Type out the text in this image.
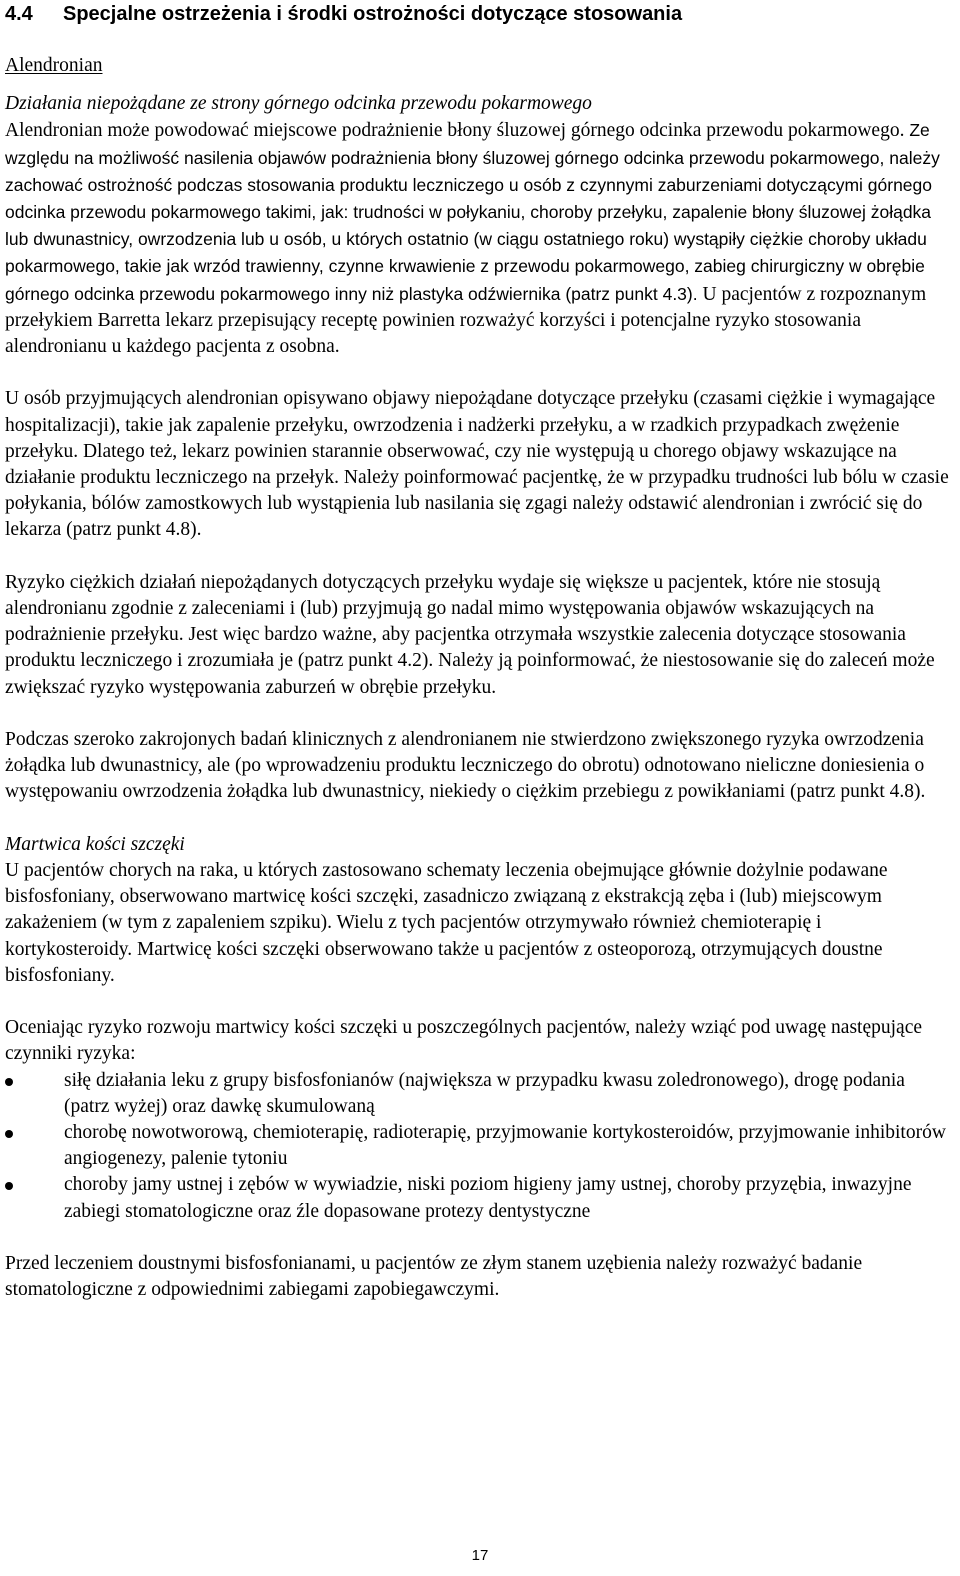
4.4 Specjalne ostrzeżenia i środki ostrożności dotyczące stosowania

Alendronian

Działania niepożądane ze strony górnego odcinka przewodu pokarmowego

Alendronian może powodować miejscowe podrażnienie błony śluzowej górnego odcinka przewodu pokarmowego. Ze względu na możliwość nasilenia objawów podrażnienia błony śluzowej górnego odcinka przewodu pokarmowego, należy zachować ostrożność podczas stosowania produktu leczniczego u osób z czynnymi zaburzeniami dotyczącymi górnego odcinka przewodu pokarmowego takimi, jak: trudności w połykaniu, choroby przełyku, zapalenie błony śluzowej żołądka lub dwunastnicy, owrzodzenia lub u osób, u których ostatnio (w ciągu ostatniego roku) wystąpiły ciężkie choroby układu pokarmowego, takie jak wrzód trawienny, czynne krwawienie z przewodu pokarmowego, zabieg chirurgiczny w obrębie górnego odcinka przewodu pokarmowego inny niż plastyka odźwiernika (patrz punkt 4.3). U pacjentów z rozpoznanym przełykiem Barretta lekarz przepisujący receptę powinien rozważyć korzyści i potencjalne ryzyko stosowania alendronianu u każdego pacjenta z osobna.

U osób przyjmujących alendronian opisywano objawy niepożądane dotyczące przełyku (czasami ciężkie i wymagające hospitalizacji), takie jak zapalenie przełyku, owrzodzenia i nadżerki przełyku, a w rzadkich przypadkach zwężenie przełyku. Dlatego też, lekarz powinien starannie obserwować, czy nie występują u chorego objawy wskazujące na działanie produktu leczniczego na przełyk. Należy poinformować pacjentkę, że w przypadku trudności lub bólu w czasie połykania, bólów zamostkowych lub wystąpienia lub nasilania się zgagi należy odstawić alendronian i zwrócić się do lekarza (patrz punkt 4.8).

Ryzyko ciężkich działań niepożądanych dotyczących przełyku wydaje się większe u pacjentek, które nie stosują alendronianu zgodnie z zaleceniami i (lub) przyjmują go nadal mimo występowania objawów wskazujących na podrażnienie przełyku. Jest więc bardzo ważne, aby pacjentka otrzymała wszystkie zalecenia dotyczące stosowania produktu leczniczego i zrozumiała je (patrz punkt 4.2). Należy ją poinformować, że niestosowanie się do zaleceń może zwiększać ryzyko występowania zaburzeń w obrębie przełyku.

Podczas szeroko zakrojonych badań klinicznych z alendronianem nie stwierdzono zwiększonego ryzyka owrzodzenia żołądka lub dwunastnicy, ale (po wprowadzeniu produktu leczniczego do obrotu) odnotowano nieliczne doniesienia o występowaniu owrzodzenia żołądka lub dwunastnicy, niekiedy o ciężkim przebiegu z powikłaniami (patrz punkt 4.8).

Martwica kości szczęki

U pacjentów chorych na raka, u których zastosowano schematy leczenia obejmujące głównie dożylnie podawane bisfosfoniany, obserwowano martwicę kości szczęki, zasadniczo związaną z ekstrakcją zęba i (lub) miejscowym zakażeniem (w tym z zapaleniem szpiku). Wielu z tych pacjentów otrzymywało również chemioterapię i kortykosteroidy. Martwicę kości szczęki obserwowano także u pacjentów z osteoporozą, otrzymujących doustne bisfosfoniany.

Oceniając ryzyko rozwoju martwicy kości szczęki u poszczególnych pacjentów, należy wziąć pod uwagę następujące czynniki ryzyka:

siłę działania leku z grupy bisfosfonianów (największa w przypadku kwasu zoledronowego), drogę podania (patrz wyżej) oraz dawkę skumulowaną
chorobę nowotworową, chemioterapię, radioterapię, przyjmowanie kortykosteroidów, przyjmowanie inhibitorów angiogenezy, palenie tytoniu
choroby jamy ustnej i zębów w wywiadzie, niski poziom higieny jamy ustnej, choroby przyzębia, inwazyjne zabiegi stomatologiczne oraz źle dopasowane protezy dentystyczne

Przed leczeniem doustnymi bisfosfonianami, u pacjentów ze złym stanem uzębienia należy rozważyć badanie stomatologiczne z odpowiednimi zabiegami zapobiegawczymi.

17
